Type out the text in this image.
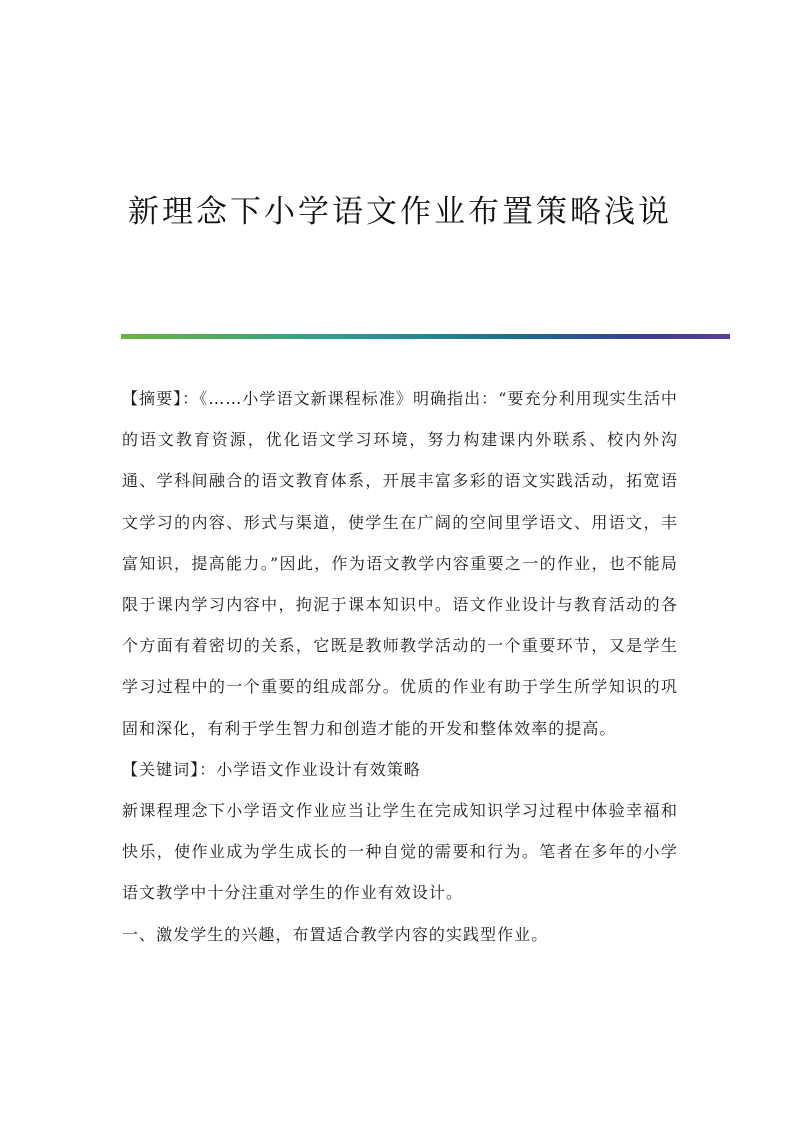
新理念下小学语文作业布置策略浅说

【摘要】：《……小学语文新课程标准》明确指出：“要充分利用现实生活中的语文教育资源，优化语文学习环境，努力构建课内外联系、校内外沟通、学科间融合的语文教育体系，开展丰富多彩的语文实践活动，拓宽语文学习的内容、形式与渠道，使学生在广阔的空间里学语文、用语文，丰富知识，提高能力。”因此，作为语文教学内容重要之一的作业，也不能局限于课内学习内容中，拘泥于课本知识中。语文作业设计与教育活动的各个方面有着密切的关系，它既是教师教学活动的一个重要环节，又是学生学习过程中的一个重要的组成部分。优质的作业有助于学生所学知识的巩固和深化，有利于学生智力和创造才能的开发和整体效率的提高。

【关键词】：小学语文作业设计有效策略

新课程理念下小学语文作业应当让学生在完成知识学习过程中体验幸福和快乐，使作业成为学生成长的一种自觉的需要和行为。笔者在多年的小学语文教学中十分注重对学生的作业有效设计。

一、激发学生的兴趣，布置适合教学内容的实践型作业。
